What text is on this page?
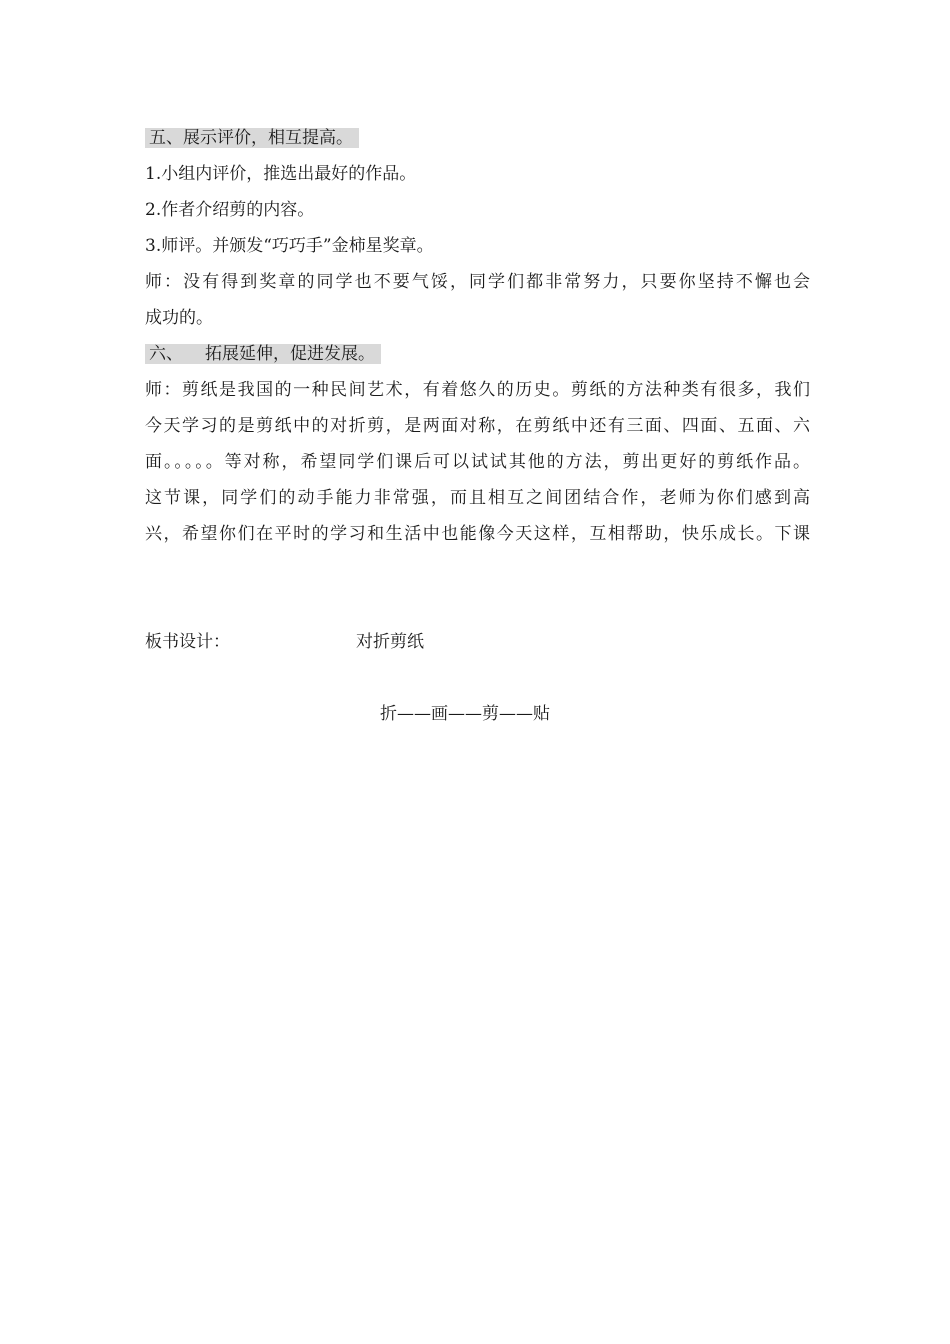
五、展示评价，相互提高。
1.小组内评价，推选出最好的作品。
2.作者介绍剪的内容。
3.师评。并颁发“巧巧手”金柿星奖章。
师：没有得到奖章的同学也不要气馁，同学们都非常努力，只要你坚持不懈也会
成功的。
六、 拓展延伸，促进发展。
师：剪纸是我国的一种民间艺术，有着悠久的历史。剪纸的方法种类有很多，我们
今天学习的是剪纸中的对折剪，是两面对称，在剪纸中还有三面、四面、五面、六
面。。。。。等对称，希望同学们课后可以试试其他的方法，剪出更好的剪纸作品。
这节课，同学们的动手能力非常强，而且相互之间团结合作，老师为你们感到高
兴，希望你们在平时的学习和生活中也能像今天这样，互相帮助，快乐成长。下课
板书设计：	对折剪纸
折——画——剪——贴
